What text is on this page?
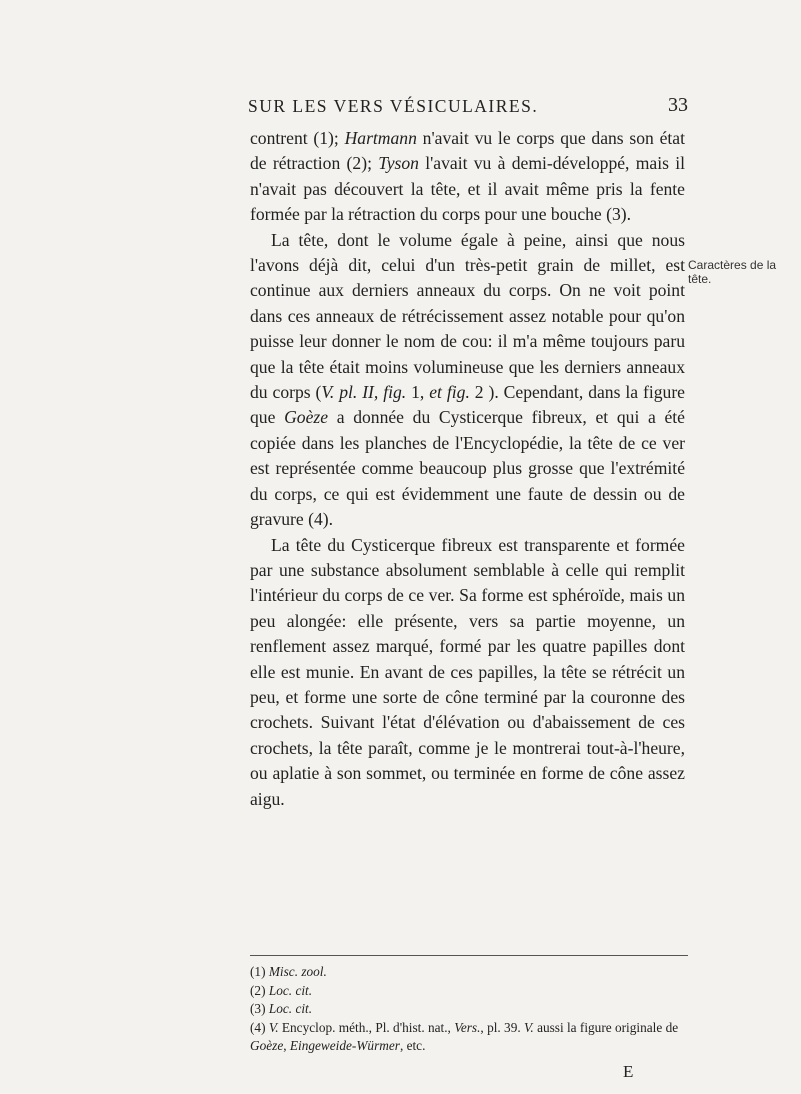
SUR LES VERS VÉSICULAIRES.	33

contrent (1); Hartmann n'avait vu le corps que dans son état de rétraction (2); Tyson l'avait vu à demi-développé, mais il n'avait pas découvert la tête, et il avait même pris la fente formée par la rétraction du corps pour une bouche (3).

La tête, dont le volume égale à peine, ainsi que nous l'avons déjà dit, celui d'un très-petit grain de millet, est continue aux derniers anneaux du corps. On ne voit point dans ces anneaux de rétrécissement assez notable pour qu'on puisse leur donner le nom de cou: il m'a même toujours paru que la tête était moins volumineuse que les derniers anneaux du corps (V. pl. II, fig. 1, et fig. 2 ). Cependant, dans la figure que Goèze a donnée du Cysticerque fibreux, et qui a été copiée dans les planches de l'Encyclopédie, la tête de ce ver est représentée comme beaucoup plus grosse que l'extrémité du corps, ce qui est évidemment une faute de dessin ou de gravure (4).

La tête du Cysticerque fibreux est transparente et formée par une substance absolument semblable à celle qui remplit l'intérieur du corps de ce ver. Sa forme est sphéroïde, mais un peu alongée: elle présente, vers sa partie moyenne, un renflement assez marqué, formé par les quatre papilles dont elle est munie. En avant de ces papilles, la tête se rétrécit un peu, et forme une sorte de cône terminé par la couronne des crochets. Suivant l'état d'élévation ou d'abaissement de ces crochets, la tête paraît, comme je le montrerai tout-à-l'heure, ou aplatie à son sommet, ou terminée en forme de cône assez aigu.

Caractères de la tête.

(1) Misc. zool.

(2) Loc. cit.

(3) Loc. cit.

(4) V. Encyclop. méth., Pl. d'hist. nat., Vers., pl. 39. V. aussi la figure originale de Goèze, Eingeweide-Würmer, etc.

E
